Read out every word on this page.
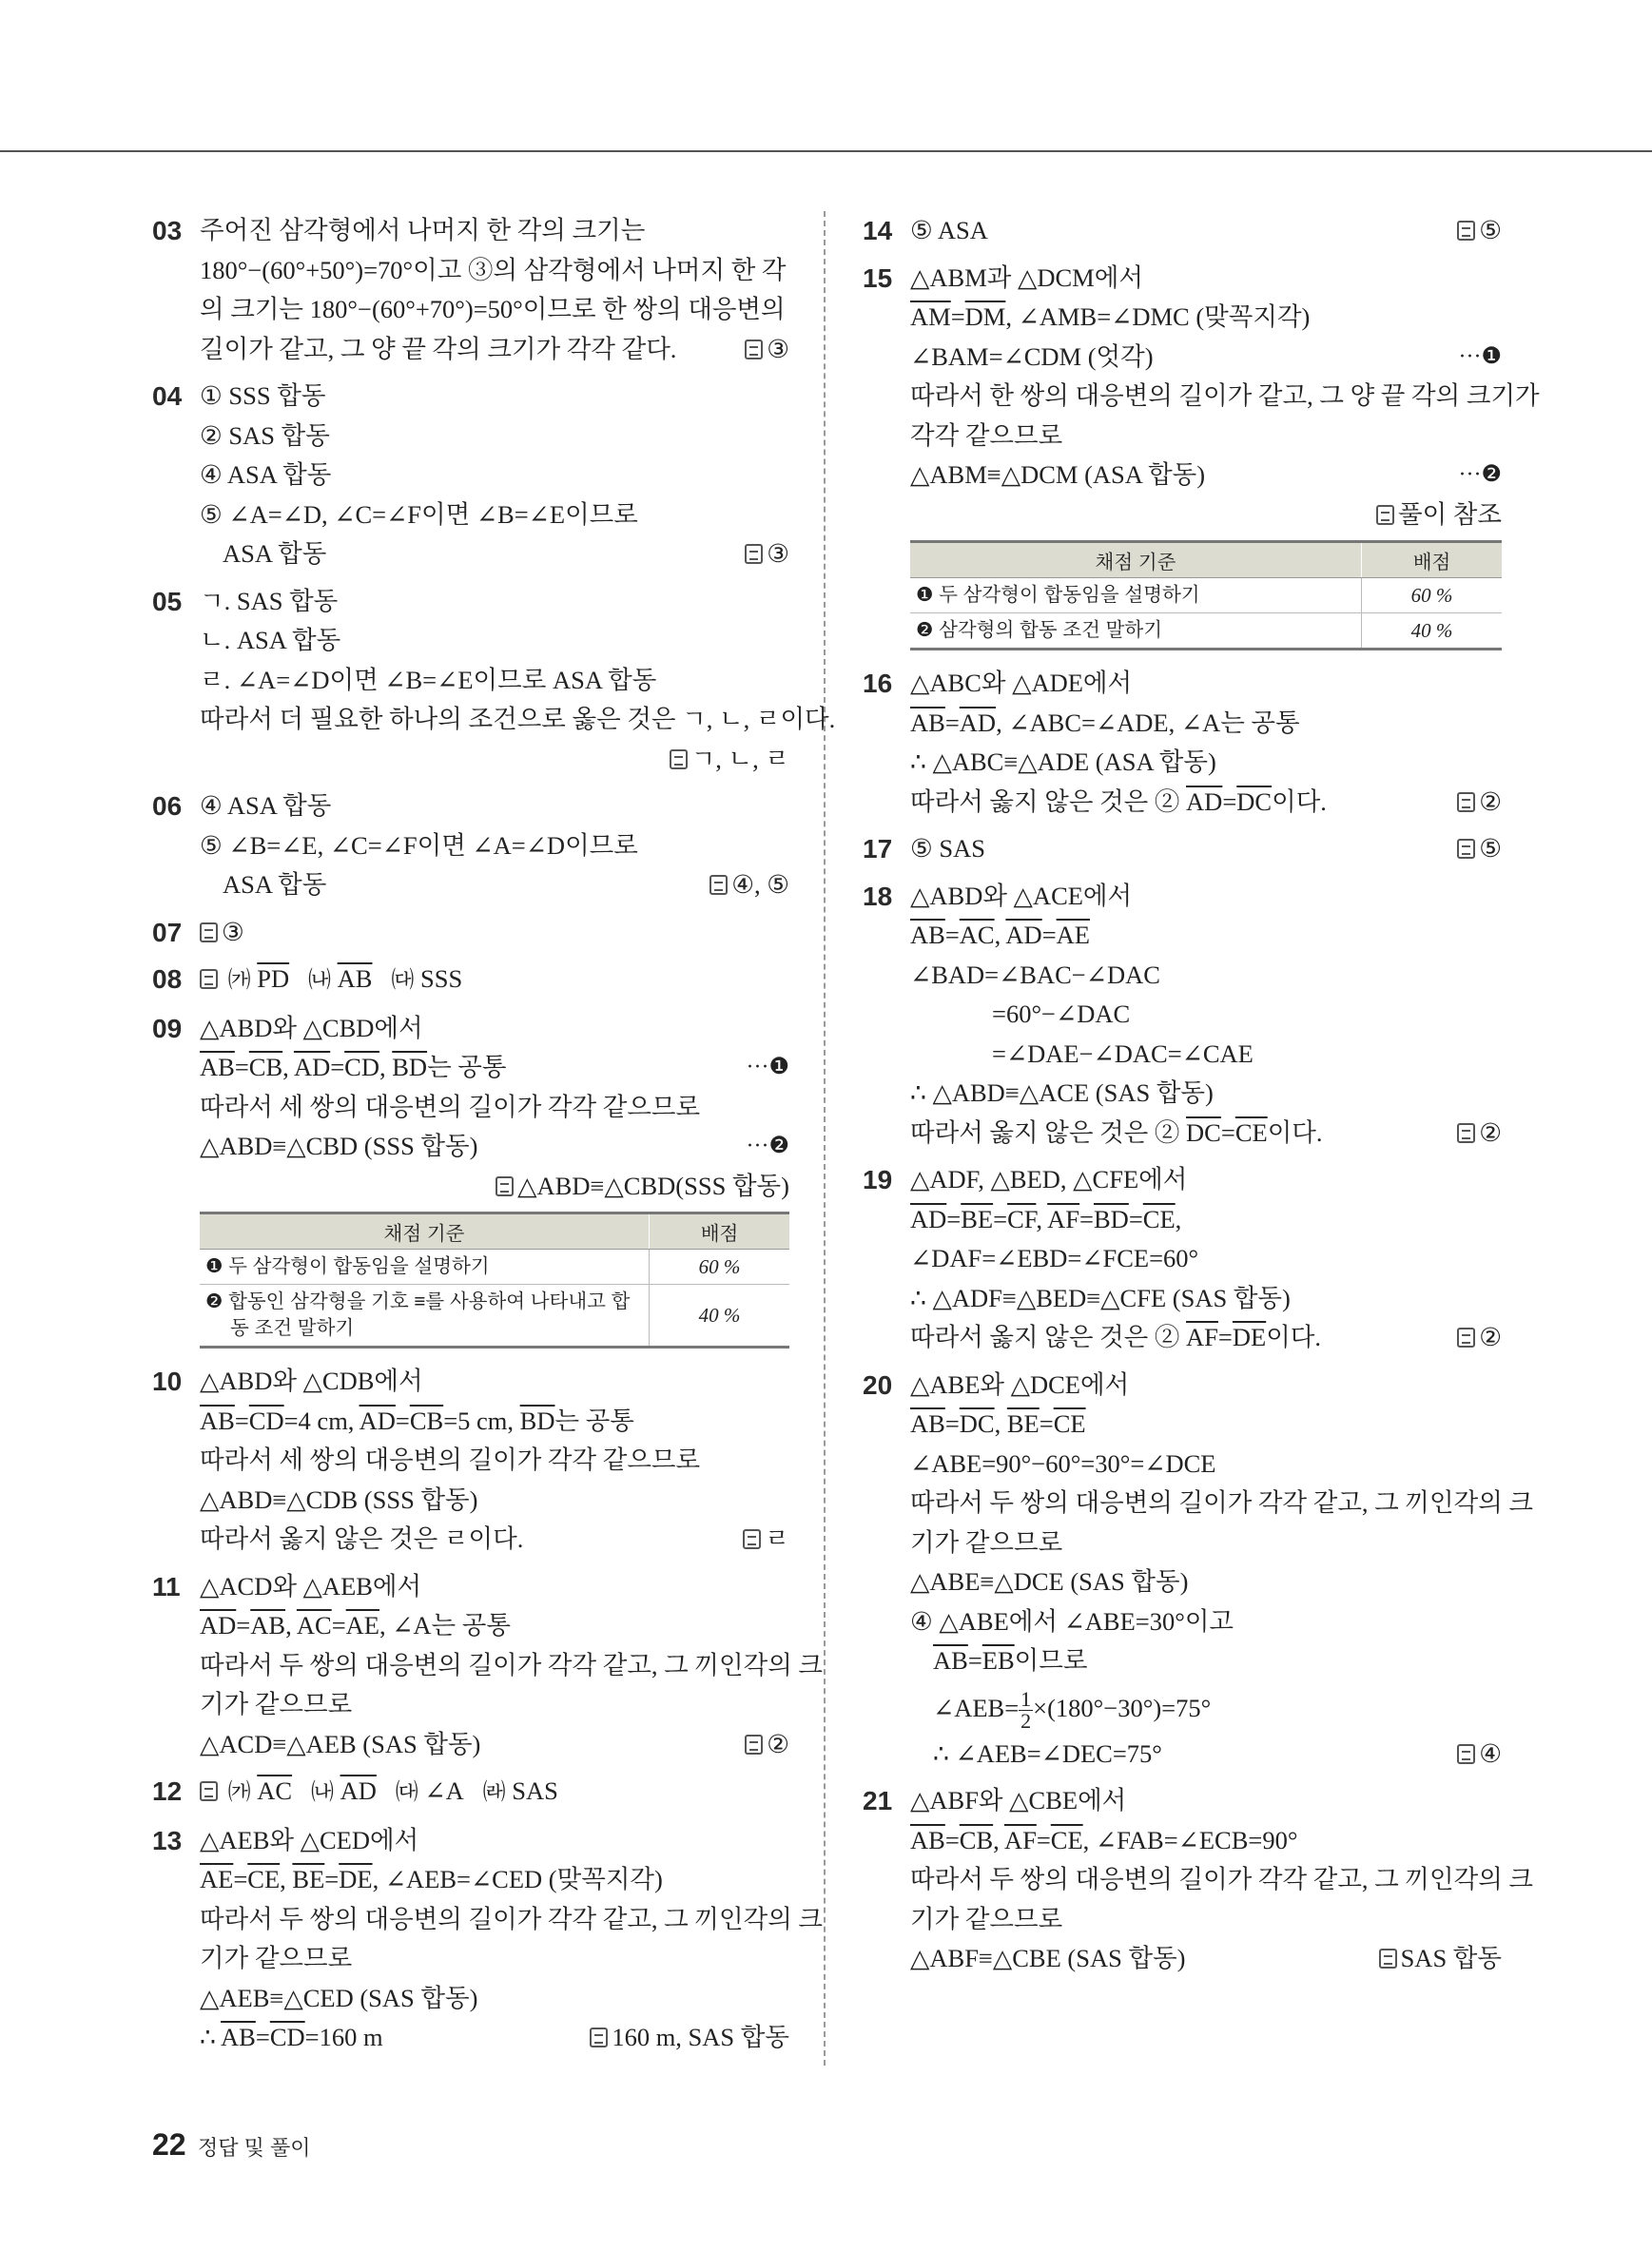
03 주어진 삼각형에서 나머지 한 각의 크기는
180°−(60°+50°)=70°이고 ③의 삼각형에서 나머지 한 각
의 크기는 180°−(60°+70°)=50°이므로 한 쌍의 대응변의
길이가 같고, 그 양 끝 각의 크기가 각각 같다.	③
04 ① SSS 합동
② SAS 합동
④ ASA 합동
⑤ ∠A=∠D, ∠C=∠F이면 ∠B=∠E이므로
ASA 합동	③
05 ㄱ. SAS 합동
ㄴ. ASA 합동
ㄹ. ∠A=∠D이면 ∠B=∠E이므로 ASA 합동
따라서 더 필요한 하나의 조건으로 옳은 것은 ㄱ, ㄴ, ㄹ이다.
ㄱ, ㄴ, ㄹ
06 ④ ASA 합동
⑤ ∠B=∠E, ∠C=∠F이면 ∠A=∠D이므로
ASA 합동	④, ⑤
07	③
08	㈎ $\overline{PD}$ ㈏ $\overline{AB}$ ㈐ SSS
09 △ABD와 △CBD에서
$\overline{AB}=\overline{CB}$, $\overline{AD}=\overline{CD}$, $\overline{BD}$는 공통	···❶
따라서 세 쌍의 대응변의 길이가 각각 같으므로
△ABD≡△CBD (SSS 합동)	···❷
△ABD≡△CBD(SSS 합동)
채점 기준	배점
❶ 두 삼각형이 합동임을 설명하기	60 %

❷ 합동인 삼각형을 기호 ≡를 사용하여 나타내고 합
동 조건 말하기	40 %
10 △ABD와 △CDB에서
$\overline{AB}=\overline{CD}=4$ cm, $\overline{AD}=\overline{CB}=5$ cm, $\overline{BD}$는 공통
따라서 세 쌍의 대응변의 길이가 각각 같으므로
△ABD≡△CDB (SSS 합동)
따라서 옳지 않은 것은 ㄹ이다.	ㄹ
11 △ACD와 △AEB에서
$\overline{AD}=\overline{AB}$, $\overline{AC}=\overline{AE}$, ∠A는 공통
따라서 두 쌍의 대응변의 길이가 각각 같고, 그 끼인각의 크
기가 같으므로
△ACD≡△AEB (SAS 합동)	②
12	㈎ $\overline{AC}$ ㈏ $\overline{AD}$ ㈐ ∠A ㈑ SAS
13 △AEB와 △CED에서
$\overline{AE}=\overline{CE}$, $\overline{BE}=\overline{DE}$, ∠AEB=∠CED (맞꼭지각)
따라서 두 쌍의 대응변의 길이가 각각 같고, 그 끼인각의 크
기가 같으므로
△AEB≡△CED (SAS 합동)
∴ $\overline{AB}=\overline{CD}=160$ m	160 m, SAS 합동
14 ⑤ ASA	⑤
15 △ABM과 △DCM에서
$\overline{AM}=\overline{DM}$, ∠AMB=∠DMC (맞꼭지각)
∠BAM=∠CDM (엇각)	···❶
따라서 한 쌍의 대응변의 길이가 같고, 그 양 끝 각의 크기가
각각 같으므로
△ABM≡△DCM (ASA 합동)	···❷
풀이 참조
채점 기준	배점
❶ 두 삼각형이 합동임을 설명하기	60 %
❷ 삼각형의 합동 조건 말하기	40 %
16 △ABC와 △ADE에서
$\overline{AB}=\overline{AD}$, ∠ABC=∠ADE, ∠A는 공통
∴ △ABC≡△ADE (ASA 합동)
따라서 옳지 않은 것은 ② $\overline{AD}=\overline{DC}$이다.	②
17 ⑤ SAS	⑤
18 △ABD와 △ACE에서
$\overline{AB}=\overline{AC}$, $\overline{AD}=\overline{AE}$
∠BAD=∠BAC−∠DAC
=60°−∠DAC
=∠DAE−∠DAC=∠CAE
∴ △ABD≡△ACE (SAS 합동)
따라서 옳지 않은 것은 ② $\overline{DC}=\overline{CE}$이다.	②
19 △ADF, △BED, △CFE에서
$\overline{AD}=\overline{BE}=\overline{CF}$, $\overline{AF}=\overline{BD}=\overline{CE}$,
∠DAF=∠EBD=∠FCE=60°
∴ △ADF≡△BED≡△CFE (SAS 합동)
따라서 옳지 않은 것은 ② $\overline{AF}=\overline{DE}$이다.	②
20 △ABE와 △DCE에서
$\overline{AB}=\overline{DC}$, $\overline{BE}=\overline{CE}$
∠ABE=90°−60°=30°=∠DCE
따라서 두 쌍의 대응변의 길이가 각각 같고, 그 끼인각의 크
기가 같으므로
△ABE≡△DCE (SAS 합동)
④ △ABE에서 ∠ABE=30°이고
$\overline{AB}=\overline{EB}$이므로
∠AEB= $\frac{1}{2} \times(180^\circ-30^\circ)=75^\circ$
∴ ∠AEB=∠DEC=75°	④
21 △ABF와 △CBE에서
$\overline{AB}=\overline{CB}$, $\overline{AF}=\overline{CE}$, ∠FAB=∠ECB=90°
따라서 두 쌍의 대응변의 길이가 각각 같고, 그 끼인각의 크
기가 같으므로
△ABF≡△CBE (SAS 합동)	SAS 합동
22 정답 및 풀이
